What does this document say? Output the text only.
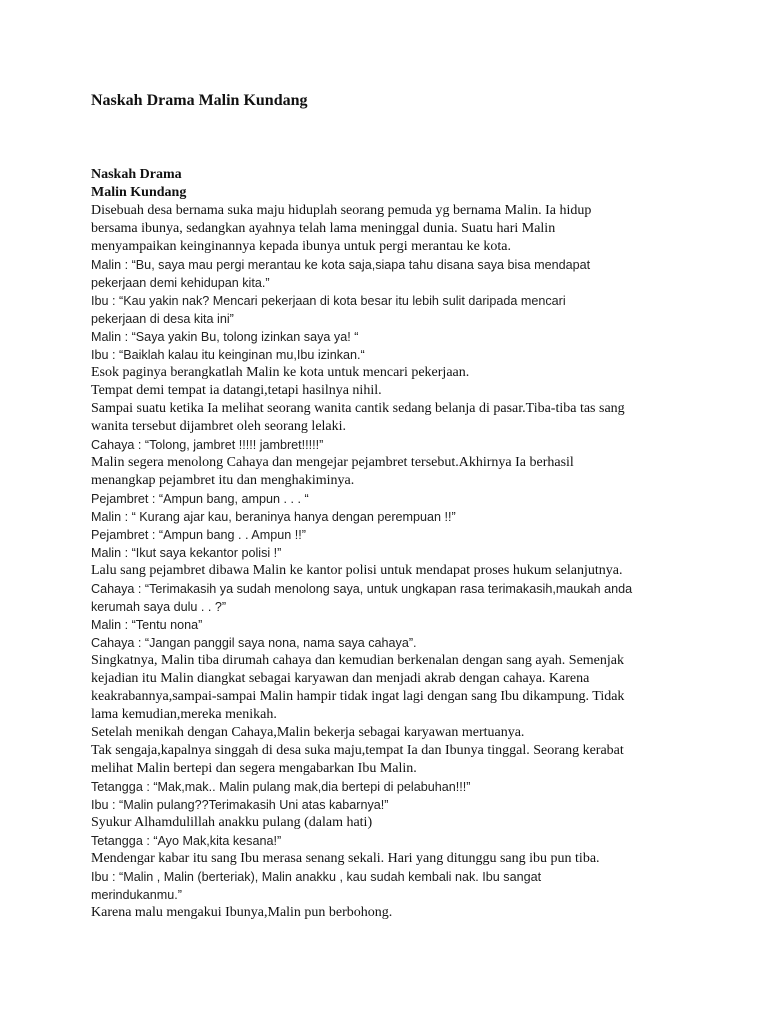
Naskah Drama Malin Kundang
Naskah Drama
Malin Kundang
Disebuah desa bernama suka maju hiduplah seorang pemuda yg bernama Malin. Ia hidup
bersama ibunya, sedangkan ayahnya telah lama meninggal dunia. Suatu hari Malin
menyampaikan keinginannya kepada ibunya untuk pergi merantau ke kota.
Malin : “Bu, saya mau pergi merantau ke kota saja,siapa tahu disana saya bisa mendapat
pekerjaan demi kehidupan kita.”
Ibu : “Kau yakin nak? Mencari pekerjaan di kota besar itu lebih sulit daripada mencari
pekerjaan di desa kita ini”
Malin : “Saya yakin Bu, tolong izinkan saya ya! “
Ibu : “Baiklah kalau itu keinginan mu,Ibu izinkan.“
Esok paginya berangkatlah Malin ke kota untuk mencari pekerjaan.
Tempat demi tempat ia datangi,tetapi hasilnya nihil.
Sampai suatu ketika Ia melihat seorang wanita cantik sedang belanja di pasar.Tiba-tiba tas sang
wanita tersebut dijambret oleh seorang lelaki.
Cahaya : “Tolong, jambret !!!!! jambret!!!!!”
Malin segera menolong Cahaya dan mengejar pejambret tersebut.Akhirnya Ia berhasil
menangkap pejambret itu dan menghakiminya.
Pejambret : “Ampun bang, ampun . . . “
Malin : “ Kurang ajar kau, beraninya hanya dengan perempuan !!”
Pejambret : “Ampun bang . . Ampun !!”
Malin : “Ikut saya kekantor polisi !”
Lalu sang pejambret dibawa Malin ke kantor polisi untuk mendapat proses hukum selanjutnya.
Cahaya : “Terimakasih ya sudah menolong saya, untuk ungkapan rasa terimakasih,maukah anda
kerumah saya dulu . . ?”
Malin : “Tentu nona”
Cahaya : “Jangan panggil saya nona, nama saya cahaya”.
Singkatnya, Malin tiba dirumah cahaya dan kemudian berkenalan dengan sang ayah. Semenjak
kejadian itu Malin diangkat sebagai karyawan dan menjadi akrab dengan cahaya. Karena
keakrabannya,sampai-sampai Malin hampir tidak ingat lagi dengan sang Ibu dikampung. Tidak
lama kemudian,mereka menikah.
Setelah menikah dengan Cahaya,Malin bekerja sebagai karyawan mertuanya.
Tak sengaja,kapalnya singgah di desa suka maju,tempat Ia dan Ibunya tinggal. Seorang kerabat
melihat Malin bertepi dan segera mengabarkan Ibu Malin.
Tetangga : “Mak,mak.. Malin pulang mak,dia bertepi di pelabuhan!!!”
Ibu : “Malin pulang??Terimakasih Uni atas kabarnya!”
Syukur Alhamdulillah anakku pulang (dalam hati)
Tetangga : “Ayo Mak,kita kesana!”
Mendengar kabar itu sang Ibu merasa senang sekali. Hari yang ditunggu sang ibu pun tiba.
Ibu : “Malin , Malin (berteriak), Malin anakku , kau sudah kembali nak. Ibu sangat
merindukanmu.”
Karena malu mengakui Ibunya,Malin pun berbohong.
